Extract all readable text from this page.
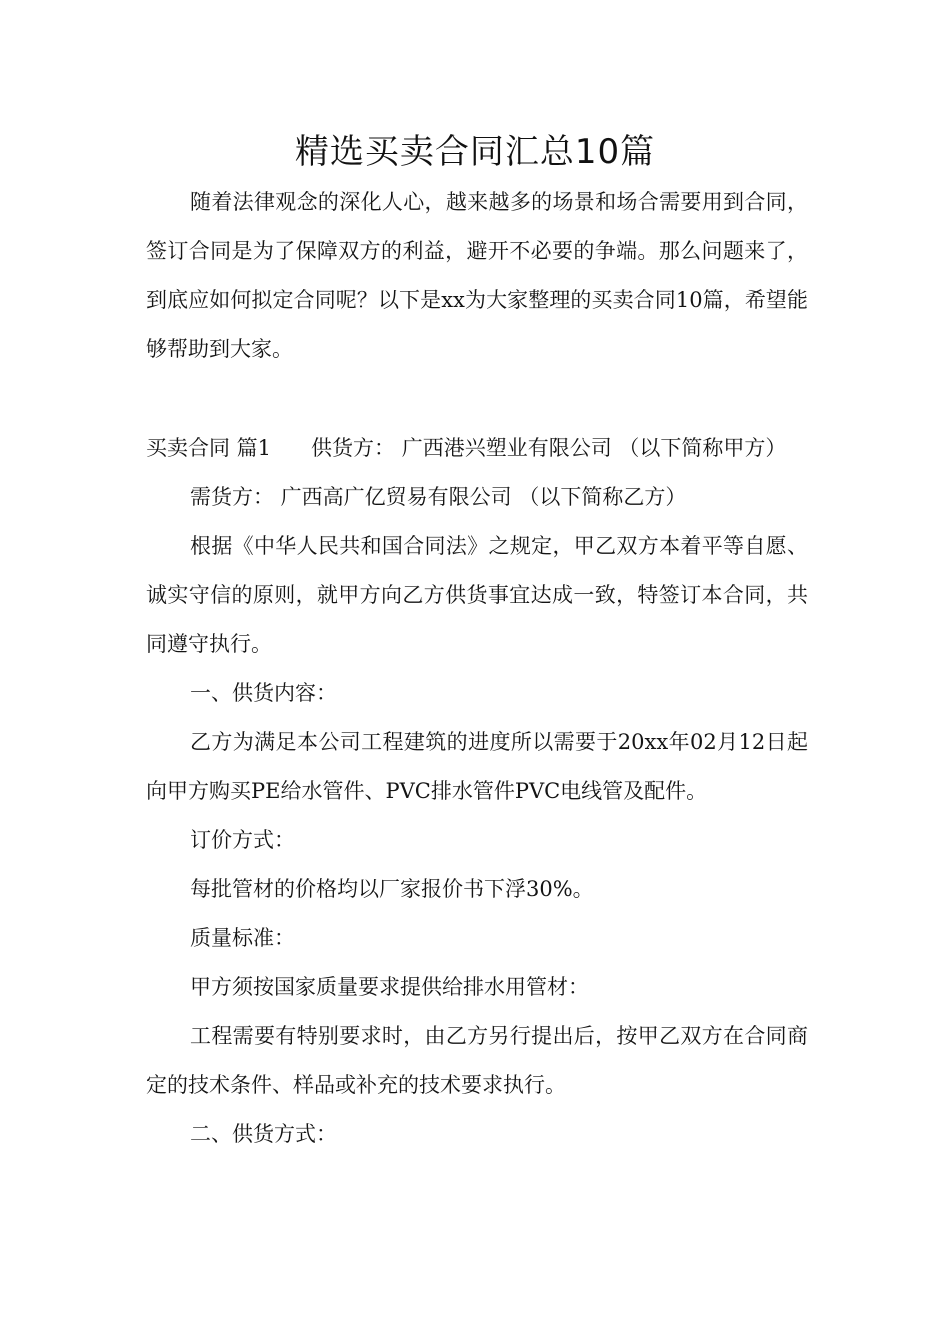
精选买卖合同汇总10篇

随着法律观念的深化人心，越来越多的场景和场合需要用到合同，签订合同是为了保障双方的利益，避开不必要的争端。那么问题来了，到底应如何拟定合同呢？以下是xx为大家整理的买卖合同10篇，希望能够帮助到大家。

买卖合同 篇1 供货方： 广西港兴塑业有限公司 （以下简称甲方）

需货方： 广西高广亿贸易有限公司 （以下简称乙方）

根据《中华人民共和国合同法》之规定，甲乙双方本着平等自愿、诚实守信的原则，就甲方向乙方供货事宜达成一致，特签订本合同，共同遵守执行。

一、供货内容：

乙方为满足本公司工程建筑的进度所以需要于20xx年02月12日起向甲方购买PE给水管件、PVC排水管件PVC电线管及配件。

订价方式：

每批管材的价格均以厂家报价书下浮30%。

质量标准：

甲方须按国家质量要求提供给排水用管材：

工程需要有特别要求时，由乙方另行提出后，按甲乙双方在合同商定的技术条件、样品或补充的技术要求执行。

二、供货方式：
